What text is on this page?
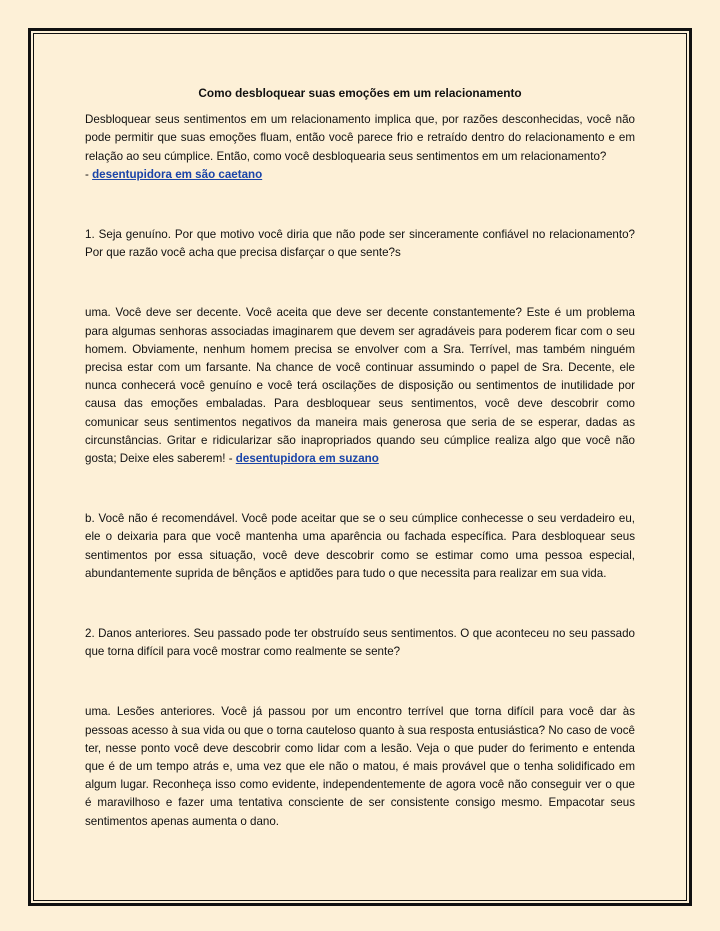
Como desbloquear suas emoções em um relacionamento

Desbloquear seus sentimentos em um relacionamento implica que, por razões desconhecidas, você não pode permitir que suas emoções fluam, então você parece frio e retraído dentro do relacionamento e em relação ao seu cúmplice. Então, como você desbloquearia seus sentimentos em um relacionamento?
- desentupidora em são caetano

1. Seja genuíno. Por que motivo você diria que não pode ser sinceramente confiável no relacionamento? Por que razão você acha que precisa disfarçar o que sente?s

uma. Você deve ser decente. Você aceita que deve ser decente constantemente? Este é um problema para algumas senhoras associadas imaginarem que devem ser agradáveis para poderem ficar com o seu homem. Obviamente, nenhum homem precisa se envolver com a Sra. Terrível, mas também ninguém precisa estar com um farsante. Na chance de você continuar assumindo o papel de Sra. Decente, ele nunca conhecerá você genuíno e você terá oscilações de disposição ou sentimentos de inutilidade por causa das emoções embaladas. Para desbloquear seus sentimentos, você deve descobrir como comunicar seus sentimentos negativos da maneira mais generosa que seria de se esperar, dadas as circunstâncias. Gritar e ridicularizar são inapropriados quando seu cúmplice realiza algo que você não gosta; Deixe eles saberem! - desentupidora em suzano

b. Você não é recomendável. Você pode aceitar que se o seu cúmplice conhecesse o seu verdadeiro eu, ele o deixaria para que você mantenha uma aparência ou fachada específica. Para desbloquear seus sentimentos por essa situação, você deve descobrir como se estimar como uma pessoa especial, abundantemente suprida de bênçãos e aptidões para tudo o que necessita para realizar em sua vida.

2. Danos anteriores. Seu passado pode ter obstruído seus sentimentos. O que aconteceu no seu passado que torna difícil para você mostrar como realmente se sente?

uma. Lesões anteriores. Você já passou por um encontro terrível que torna difícil para você dar às pessoas acesso à sua vida ou que o torna cauteloso quanto à sua resposta entusiástica? No caso de você ter, nesse ponto você deve descobrir como lidar com a lesão. Veja o que puder do ferimento e entenda que é de um tempo atrás e, uma vez que ele não o matou, é mais provável que o tenha solidificado em algum lugar. Reconheça isso como evidente, independentemente de agora você não conseguir ver o que é maravilhoso e fazer uma tentativa consciente de ser consistente consigo mesmo. Empacotar seus sentimentos apenas aumenta o dano.
